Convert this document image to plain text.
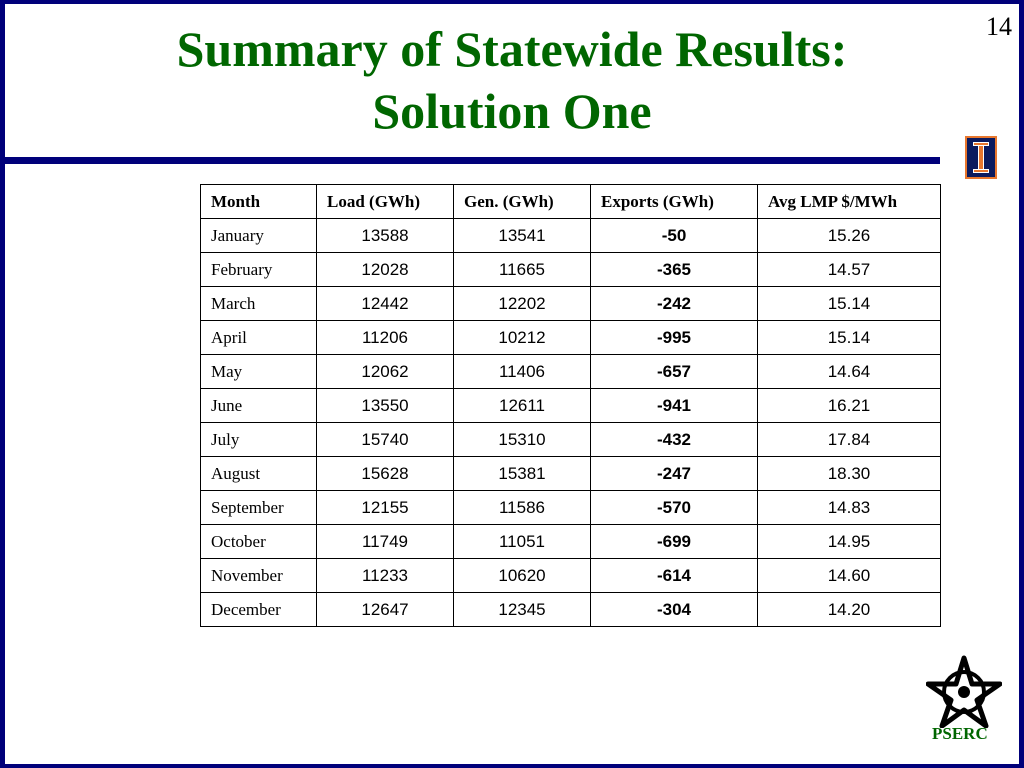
14
Summary of Statewide Results:
Solution One
Month	Load (GWh)	Gen. (GWh)	Exports (GWh)	Avg LMP $/MWh
January	13588	13541	-50	15.26
February	12028	11665	-365	14.57
March	12442	12202	-242	15.14
April	11206	10212	-995	15.14
May	12062	11406	-657	14.64
June	13550	12611	-941	16.21
July	15740	15310	-432	17.84
August	15628	15381	-247	18.30
September	12155	11586	-570	14.83
October	11749	11051	-699	14.95
November	11233	10620	-614	14.60
December	12647	12345	-304	14.20
PSERC
